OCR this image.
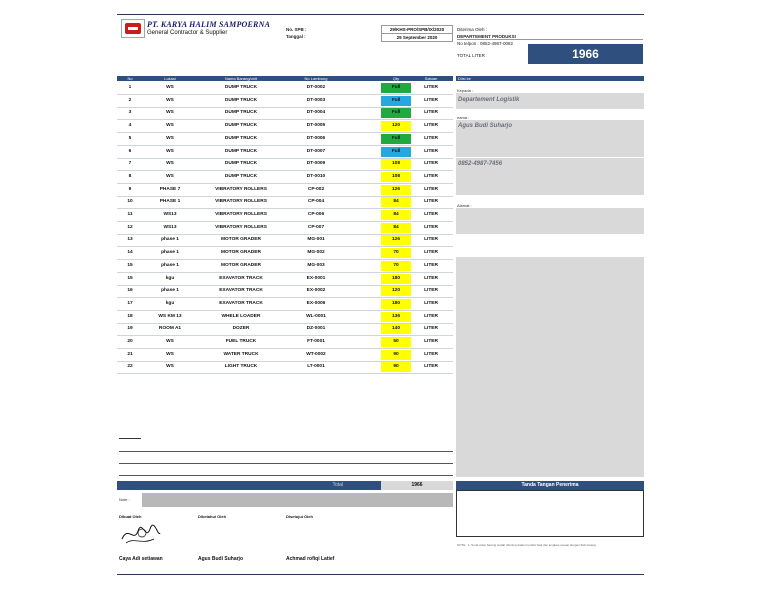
PT. KARYA HALIM SAMPOERNA
General Contractor & Supplier
No. SPB :
Tanggal :
29/KHS-PRO/SPB/IX/2020
29 September 2020
Diterima Oleh :
DEPARTEMENT PRODUKSI
No telpon : 0852-4987-0082
TOTAL LITER	1966
No	Lokasi	Nama Barang/unit	No Lambung	Qty	Satuan
1	WS	DUMP TRUCK	DT-0002	Full	LITER
2	WS	DUMP TRUCK	DT-0003	Full	LITER
3	WS	DUMP TRUCK	DT-0004	Full	LITER
4	WS	DUMP TRUCK	DT-0005	120	LITER
5	WS	DUMP TRUCK	DT-0006	Full	LITER
6	WS	DUMP TRUCK	DT-0007	Full	LITER
7	WS	DUMP TRUCK	DT-0009	108	LITER
8	WS	DUMP TRUCK	DT-0010	108	LITER
9	PHASE 7	VIBRATORY ROLLERS	CP-002	126	LITER
10	PHASE 1	VIBRATORY ROLLERS	CP-004	84	LITER
11	WS13	VIBRATORY ROLLERS	CP-006	84	LITER
12	WS13	VIBRATORY ROLLERS	CP-007	84	LITER
13	phase 1	MOTOR GRADER	MG-001	126	LITER
14	phase 1	MOTOR GRADER	MG-002	70	LITER
15	phase 1	MOTOR GRADER	MG-003	70	LITER
15	kgu	EXAVATOR TRACK	EX-0001	180	LITER
16	phase 1	EXAVATOR TRACK	EX-0002	120	LITER
17	kgu	EXAVATOR TRACK	EX-0006	180	LITER
18	WS KM 13	WHELE LOADER	WL-0001	136	LITER
19	ROOM A1	DOZER	DZ-0001	140	LITER
20	WS	FUEL TRUCK	FT-0001	50	LITER
21	WS	WATER TRUCK	WT-0002	90	LITER
22	WS	LIGHT TRUCK	LT-0001	90	LITER
Diisi ke
Kepada :
Departement Logistik
nama :
Agus Budi Suharjo
0852-4987-7456
Alamat :
Total	1966	Tanda Tangan Penerima
NOTE : 1. Surat antar barang sudah diterima dalam kondisi baik dan lengkap sesuai dengan fisik barang
Note :
Dibuat Oleh	Diketahui Oleh	Disetujui Oleh
Caya Adi setiawan	Agus Budi Suharjo	Achmad rofiqi Latief
